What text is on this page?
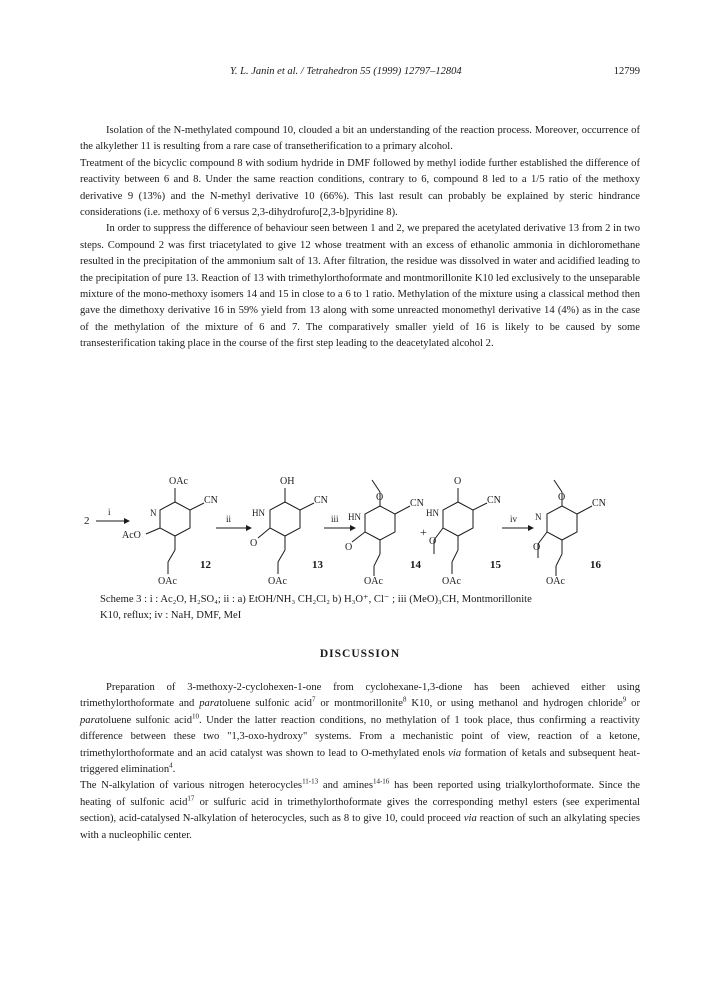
Y. L. Janin et al. / Tetrahedron 55 (1999) 12797–12804	12799

Isolation of the N-methylated compound 10, clouded a bit an understanding of the reaction process. Moreover, occurrence of the alkylether 11 is resulting from a rare case of transetherification to a primary alcohol.

Treatment of the bicyclic compound 8 with sodium hydride in DMF followed by methyl iodide further established the difference of reactivity between 6 and 8. Under the same reaction conditions, contrary to 6, compound 8 led to a 1/5 ratio of the methoxy derivative 9 (13%) and the N-methyl derivative 10 (66%). This last result can probably be explained by steric hindrance considerations (i.e. methoxy of 6 versus 2,3-dihydrofuro[2,3-b]pyridine 8).

In order to suppress the difference of behaviour seen between 1 and 2, we prepared the acetylated derivative 13 from 2 in two steps. Compound 2 was first triacetylated to give 12 whose treatment with an excess of ethanolic ammonia in dichloromethane resulted in the precipitation of the ammonium salt of 13. After filtration, the residue was dissolved in water and acidified leading to the precipitation of pure 13. Reaction of 13 with trimethylorthoformate and montmorillonite K10 led exclusively to the unseparable mixture of the mono-methoxy isomers 14 and 15 in close to a 6 to 1 ratio. Methylation of the mixture using a classical method then gave the dimethoxy derivative 16 in 59% yield from 13 along with some unreacted monomethyl derivative 14 (4%) as in the case of the methylation of the mixture of 6 and 7. The comparatively smaller yield of 16 is likely to be caused by some transesterification taking place in the course of the first step leading to the deacetylated alcohol 2.

2
i
OAc
CN
N
AcO
OAc
12
ii
OH
CN
HN
O
OAc
13
iii
O
CN
HN
O
OAc
14
+
O
CN
HN
O
OAc
15
iv
O
CN
N
O
OAc
16
Scheme 3 : i : Ac₂O, H₂SO₄; ii : a) EtOH/NH₃ CH₂Cl₂ b) H₃O⁺, Cl⁻ ; iii (MeO)₃CH, Montmorillonite
K10, reflux; iv : NaH, DMF, MeI
DISCUSSION

Preparation of 3-methoxy-2-cyclohexen-1-one from cyclohexane-1,3-dione has been achieved either using trimethylorthoformate and paratoluene sulfonic acid$^7$ or montmorillonite$^8$ K10, or using methanol and hydrogen chloride$^9$ or paratoluene sulfonic acid$^{10}$. Under the latter reaction conditions, no methylation of 1 took place, thus confirming a reactivity difference between these two "1,3-oxo-hydroxy" systems. From a mechanistic point of view, reaction of a ketone, trimethylorthoformate and an acid catalyst was shown to lead to O-methylated enols via formation of ketals and subsequent heat-triggered elimination$^4$.

The N-alkylation of various nitrogen heterocycles$^{11-13}$ and amines$^{14-16}$ has been reported using trialkylorthoformate. Since the heating of sulfonic acid$^{17}$ or sulfuric acid in trimethylorthoformate gives the corresponding methyl esters (see experimental section), acid-catalysed N-alkylation of heterocycles, such as 8 to give 10, could proceed via reaction of such an alkylating species with a nucleophilic center.
